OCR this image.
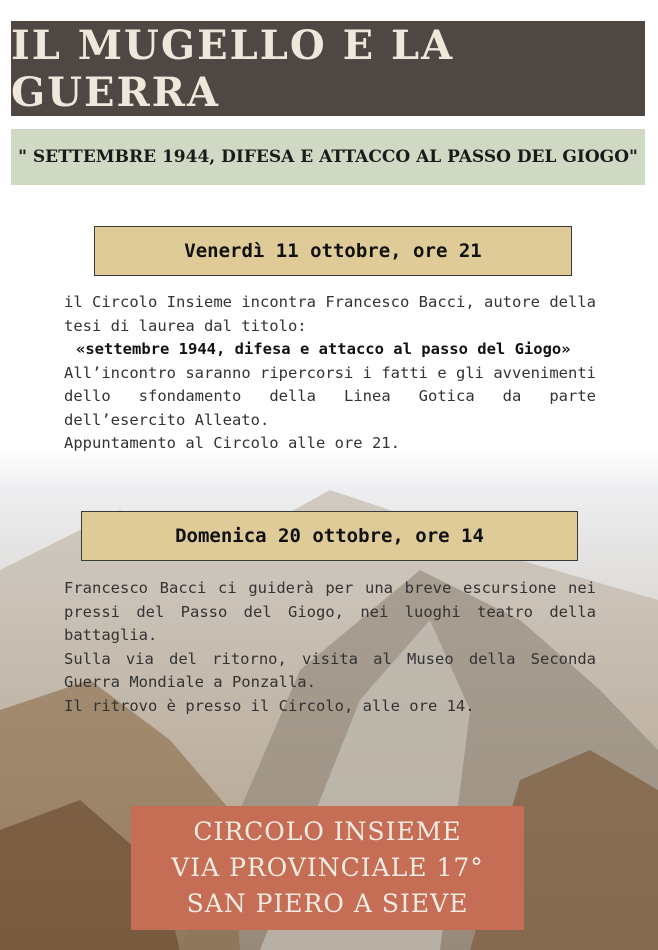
IL MUGELLO E LA GUERRA
" SETTEMBRE 1944, DIFESA E ATTACCO AL PASSO DEL GIOGO"
Venerdì 11 ottobre, ore 21

il Circolo Insieme incontra Francesco Bacci, autore della tesi di laurea dal titolo:

«settembre 1944, difesa e attacco al passo del Giogo»

All’incontro saranno ripercorsi i fatti e gli avvenimenti dello sfondamento della Linea Gotica da parte dell’esercito Alleato.

Appuntamento al Circolo alle ore 21.

Domenica 20 ottobre, ore 14

Francesco Bacci ci guiderà per una breve escursione nei pressi del Passo del Giogo, nei luoghi teatro della battaglia.

Sulla via del ritorno, visita al Museo della Seconda Guerra Mondiale a Ponzalla.

Il ritrovo è presso il Circolo, alle ore 14.

CIRCOLO INSIEME
VIA PROVINCIALE 17°
SAN PIERO A SIEVE
